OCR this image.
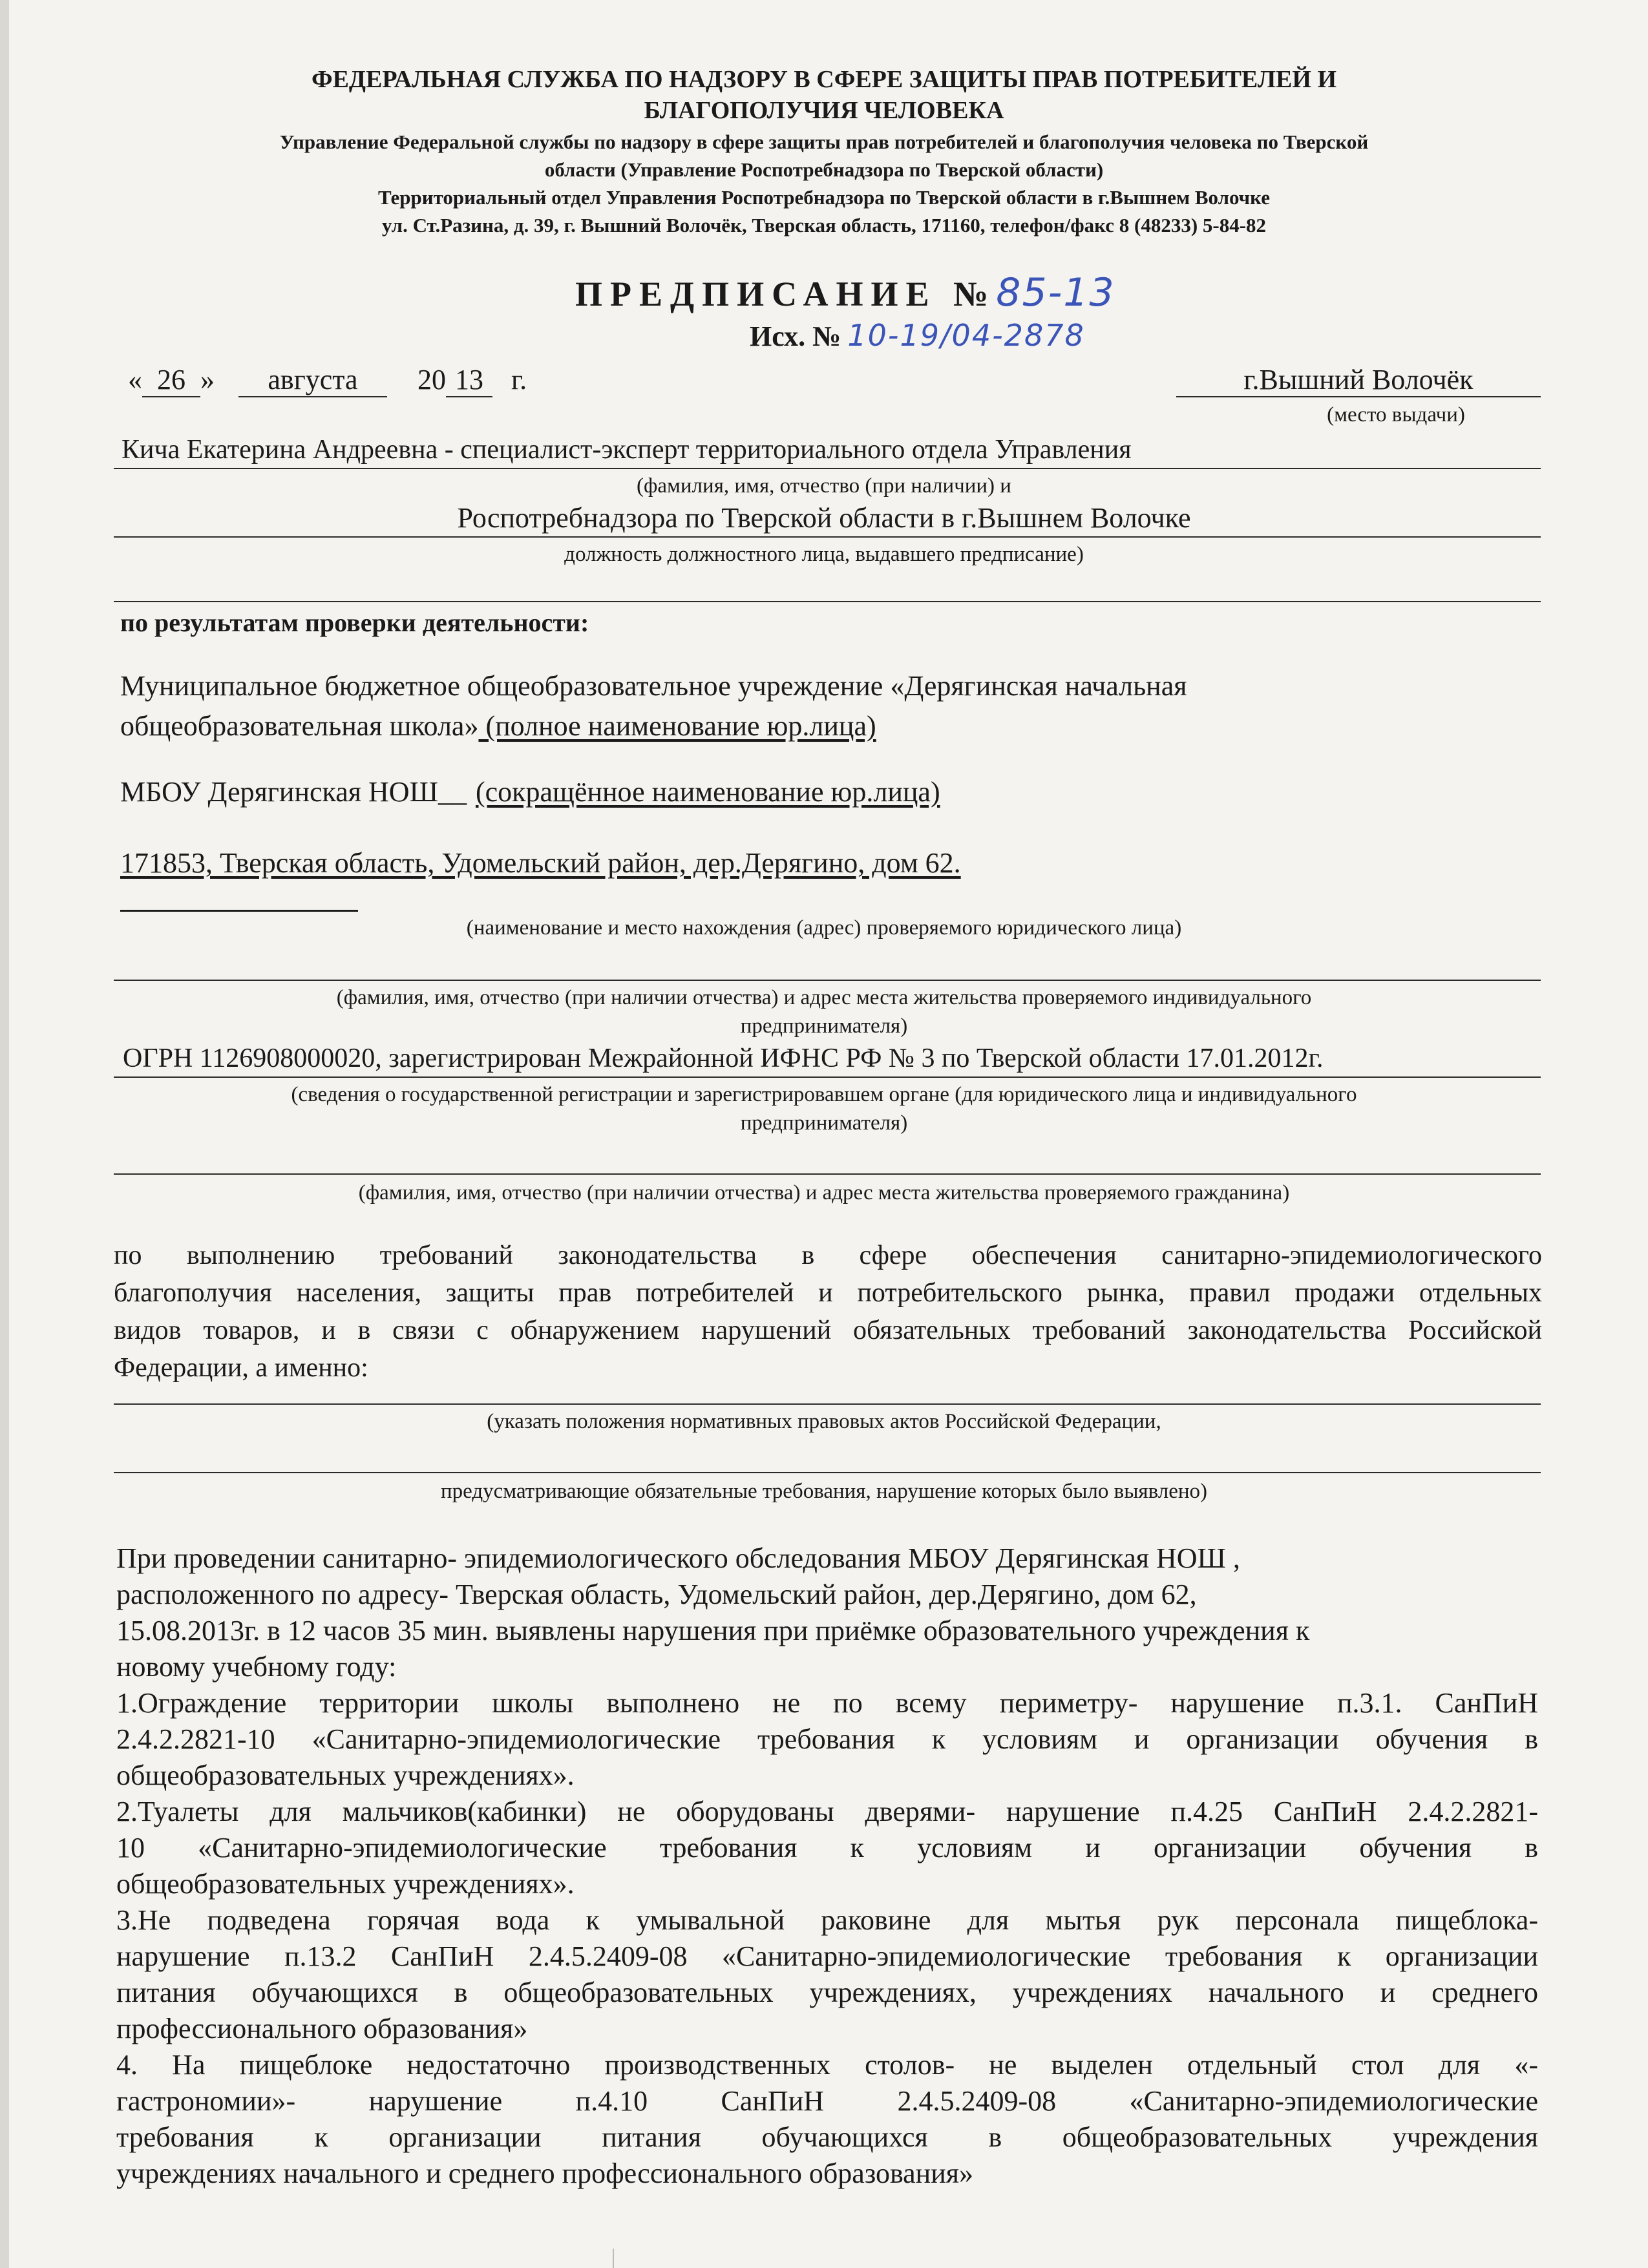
ФЕДЕРАЛЬНАЯ СЛУЖБА ПО НАДЗОРУ В СФЕРЕ ЗАЩИТЫ ПРАВ ПОТРЕБИТЕЛЕЙ И
БЛАГОПОЛУЧИЯ ЧЕЛОВЕКА
Управление Федеральной службы по надзору в сфере защиты прав потребителей и благополучия человека по Тверской
области (Управление Роспотребнадзора по Тверской области)
Территориальный отдел Управления Роспотребнадзора по Тверской области в г.Вышнем Волочке
ул. Ст.Разина, д. 39, г. Вышний Волочёк, Тверская область, 171160, телефон/факс 8 (48233) 5-84-82
ПРЕДПИСАНИЕ №85-13
Исх. № 10-19/04-2878
« 26 » августа 20 13 г.	г.Вышний Волочёк
(место выдачи)
Кича Екатерина Андреевна - специалист-эксперт территориального отдела Управления
(фамилия, имя, отчество (при наличии) и
Роспотребнадзора по Тверской области в г.Вышнем Волочке
должность должностного лица, выдавшего предписание)
по результатам проверки деятельности:
Муниципальное бюджетное общеобразовательное учреждение «Дерягинская начальная
общеобразовательная школа» (полное наименование юр.лица)
МБОУ Дерягинская НОШ__ (сокращённое наименование юр.лица)
171853, Тверская область, Удомельский район, дер.Дерягино, дом 62.
(наименование и место нахождения (адрес) проверяемого юридического лица)
(фамилия, имя, отчество (при наличии отчества) и адрес места жительства проверяемого индивидуального
предпринимателя)
ОГРН 1126908000020, зарегистрирован Межрайонной ИФНС РФ № 3 по Тверской области 17.01.2012г.
(сведения о государственной регистрации и зарегистрировавшем органе (для юридического лица и индивидуального
предпринимателя)
(фамилия, имя, отчество (при наличии отчества) и адрес места жительства проверяемого гражданина)
по выполнению требований законодательства в сфере обеспечения санитарно-эпидемиологического
благополучия населения, защиты прав потребителей и потребительского рынка, правил продажи отдельных
видов товаров, и в связи с обнаружением нарушений обязательных требований законодательства Российской
Федерации, а именно:
(указать положения нормативных правовых актов Российской Федерации,
предусматривающие обязательные требования, нарушение которых было выявлено)
При проведении санитарно- эпидемиологического обследования МБОУ Дерягинская НОШ ,
расположенного по адресу- Тверская область, Удомельский район, дер.Дерягино, дом 62,
15.08.2013г. в 12 часов 35 мин. выявлены нарушения при приёмке образовательного учреждения к
новому учебному году:
1.Ограждение территории школы выполнено не по всему периметру- нарушение п.3.1. СанПиН
2.4.2.2821-10 «Санитарно-эпидемиологические требования к условиям и организации обучения в
общеобразовательных учреждениях».
2.Туалеты для мальчиков(кабинки) не оборудованы дверями- нарушение п.4.25 СанПиН 2.4.2.2821-
10 «Санитарно-эпидемиологические требования к условиям и организации обучения в
общеобразовательных учреждениях».
3.Не подведена горячая вода к умывальной раковине для мытья рук персонала пищеблока-
нарушение п.13.2 СанПиН 2.4.5.2409-08 «Санитарно-эпидемиологические требования к организации
питания обучающихся в общеобразовательных учреждениях, учреждениях начального и среднего
профессионального образования»
4. На пищеблоке недостаточно производственных столов- не выделен отдельный стол для «-
гастрономии»- нарушение п.4.10 СанПиН 2.4.5.2409-08 «Санитарно-эпидемиологические
требования к организации питания обучающихся в общеобразовательных учреждения
учреждениях начального и среднего профессионального образования»
